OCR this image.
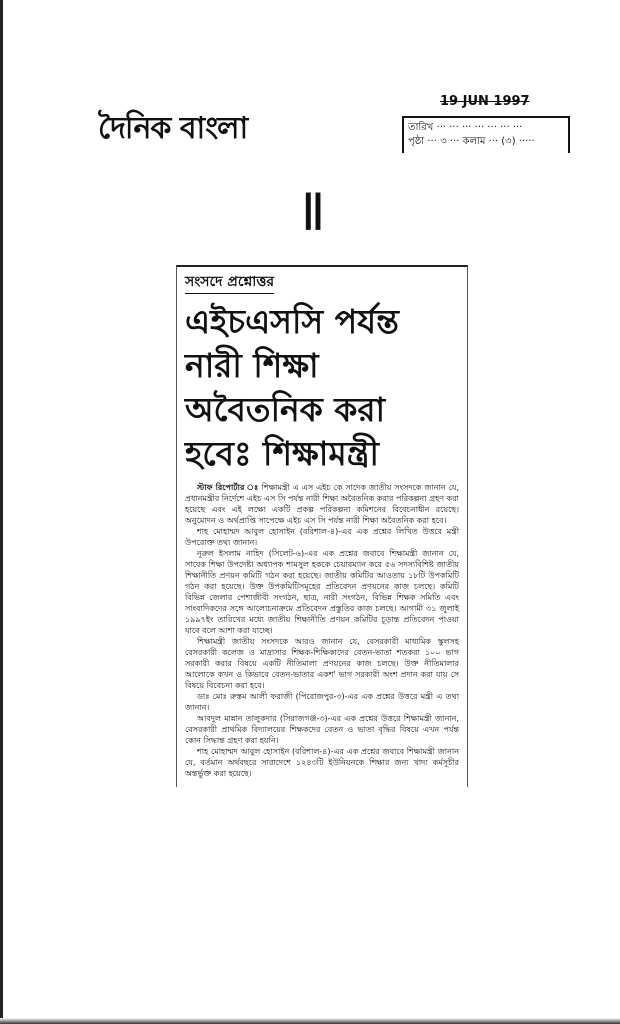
দৈনিক বাংলা
19 JUN 1997
তারিখ ··· ··· ··· ··· ··· ··· ···
পৃষ্ঠা ··· ৩ ··· কলাম ··· (৩) ·····
॥
সংসদে প্রশ্নোত্তর
এইচএসসি পর্যন্ত নারী শিক্ষা অবৈতনিক করা হবেঃ শিক্ষামন্ত্রী

স্টাফ রিপোর্টার ঃ শিক্ষামন্ত্রী এ এস এইচ কে সাদেক জাতীয় সংসদকে জানান যে, প্রধানমন্ত্রীর নির্দেশে এইচ এস সি পর্যন্ত নারী শিক্ষা অবৈতনিক করার পরিকল্পনা গ্রহণ করা হয়েছে এবং এই লক্ষ্যে একটি প্রকল্প পরিকল্পনা কমিশনের বিবেচনাধীন রয়েছে। অনুমোদন ও অর্থপ্রাপ্তি সাপেক্ষে এইচ এস সি পর্যন্ত নারী শিক্ষা অবৈতনিক করা হবে।

শাহ মোহাম্মদ আবুল হোসাইন (বরিশাল-৪)-এর এক প্রশ্নের লিখিত উত্তরে মন্ত্রী উপরোক্ত তথ্য জানান।

নূরুল ইসলাম নাহিদ (সিলেট-৬)-এর এক প্রশ্নের জবাবে শিক্ষামন্ত্রী জানান যে, সাবেক শিক্ষা উপদেষ্টা অধ্যাপক শামসুল হককে চেয়ারম্যান করে ৫৬ সদস্যবিশিষ্ট জাতীয় শিক্ষানীতি প্রণয়ন কমিটি গঠন করা হয়েছে। জাতীয় কমিটির আওতায় ১৮টি উপকমিটি গঠন করা হয়েছে। উক্ত উপকমিটিসমূহের প্রতিবেদন প্রণয়নের কাজ চলছে। কমিটি বিভিন্ন জেলার পেশাজীবী সংগঠন, ছাত্র, নারী সংগঠন, বিভিন্ন শিক্ষক সমিতি এবং সাংবাদিকদের সঙ্গে আলোচনাক্রমে প্রতিবেদন প্রস্তুতির কাজ চলছে। আগামী ৩১ জুলাই ১৯৯৭ইং তারিখের মধ্যে জাতীয় শিক্ষানীতি প্রণয়ন কমিটির চূড়ান্ত প্রতিবেদন পাওয়া যাবে বলে আশা করা যাচ্ছে।

শিক্ষামন্ত্রী জাতীয় সংসদকে আরও জানান যে, বেসরকারী মাধ্যমিক স্কুলসহ বেসরকারী কলেজ ও মাদ্রাসার শিক্ষক-শিক্ষিকাদের বেতন-ভাতা শতকরা ১০০ ভাগ সরকারী করার বিষয়ে একটি নীতিমালা প্রণয়নের কাজ চলছে। উক্ত নীতিমালার আলোকে কখন ও কিভাবে বেতন-ভাতার একশ' ভাগ সরকারী অংশ প্রদান করা যায় সে বিষয়ে বিবেচনা করা হবে।

ডাঃ মোঃ রুস্তম আলী ফরাজী (পিরোজপুর-৩)-এর এক প্রশ্নের উত্তরে মন্ত্রী এ তথ্য জানান।

আবদুল মান্নান তালুকদার (সিরাজগঞ্জ-৩)-এর এক প্রশ্নের উত্তরে শিক্ষামন্ত্রী জানান, বেসরকারী প্রাথমিক বিদ্যালয়ের শিক্ষকদের বেতন ও ভাতা বৃদ্ধির বিষয়ে এখন পর্যন্ত কোন সিদ্ধান্ত গ্রহণ করা হয়নি।

শাহ মোহাম্মদ আবুল হোসাইন (বরিশাল-৪)-এর এক প্রশ্নের জবাবে শিক্ষামন্ত্রী জানান যে, বর্তমান অর্থবছরে সারাদেশে ১২৪৩টি ইউনিয়নকে শিক্ষার জন্য খাদ্য কর্মসূচীর অন্তর্ভুক্ত করা হয়েছে।
